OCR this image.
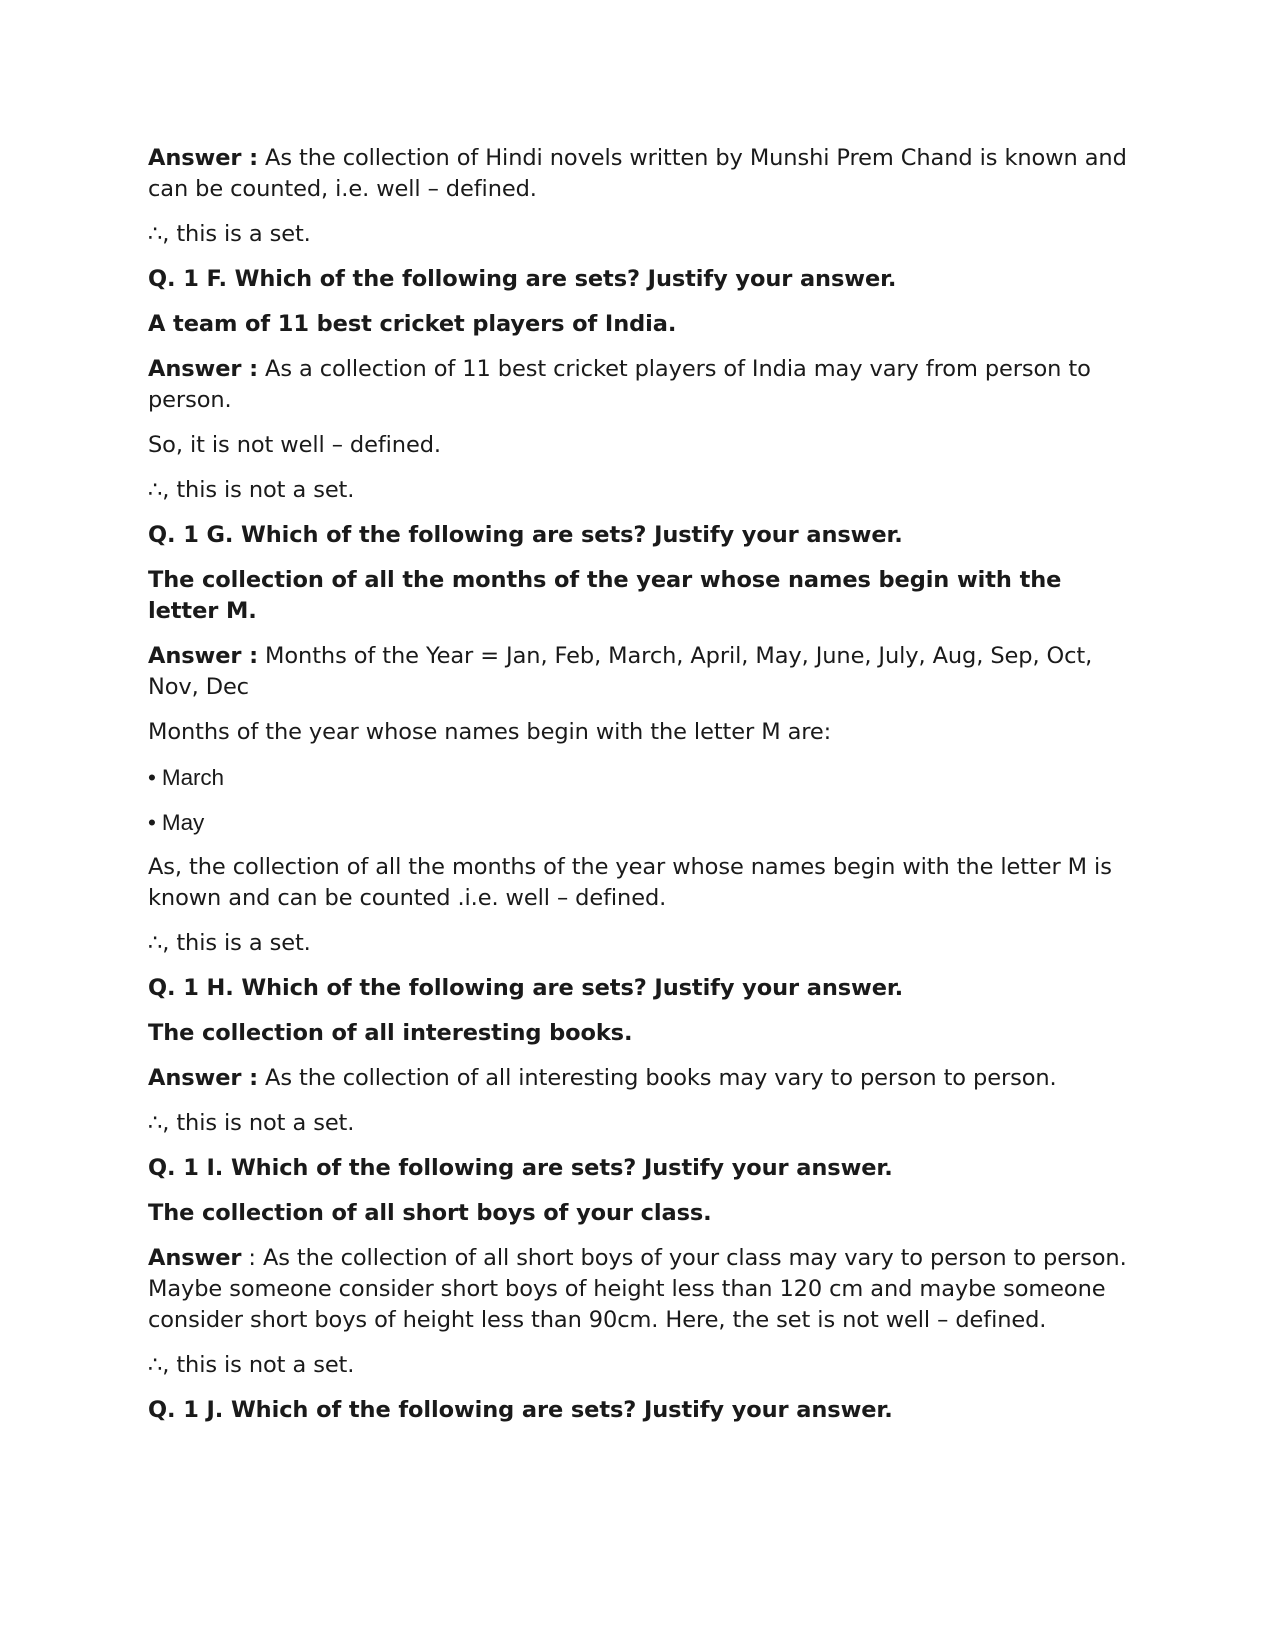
Answer : As the collection of Hindi novels written by Munshi Prem Chand is known and can be counted, i.e. well – defined.

∴, this is a set.

Q. 1 F. Which of the following are sets? Justify your answer.

A team of 11 best cricket players of India.

Answer : As a collection of 11 best cricket players of India may vary from person to person.

So, it is not well – defined.

∴, this is not a set.

Q. 1 G. Which of the following are sets? Justify your answer.

The collection of all the months of the year whose names begin with the letter M.

Answer : Months of the Year = Jan, Feb, March, April, May, June, July, Aug, Sep, Oct, Nov, Dec

Months of the year whose names begin with the letter M are:

• March

• May

As, the collection of all the months of the year whose names begin with the letter M is known and can be counted .i.e. well – defined.

∴, this is a set.

Q. 1 H. Which of the following are sets? Justify your answer.

The collection of all interesting books.

Answer : As the collection of all interesting books may vary to person to person.

∴, this is not a set.

Q. 1 I. Which of the following are sets? Justify your answer.

The collection of all short boys of your class.

Answer : As the collection of all short boys of your class may vary to person to person. Maybe someone consider short boys of height less than 120 cm and maybe someone consider short boys of height less than 90cm. Here, the set is not well – defined.

∴, this is not a set.

Q. 1 J. Which of the following are sets? Justify your answer.
